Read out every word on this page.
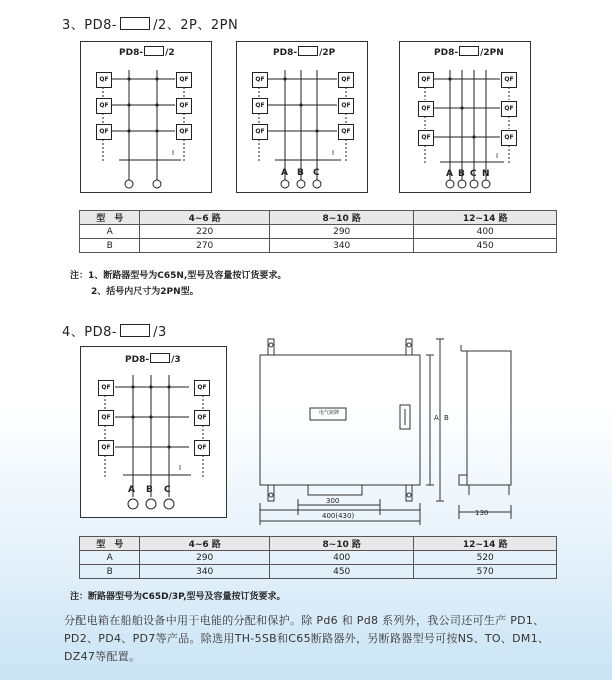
3、PD8-	/2、2P、2PN
PD8- /2
QF	QF
QF	QF
QF	QF
I
PD8- /2P
QF	QF
QF	QF
QF	QF
I
A B C
PD8- /2PN
QF	QF
QF	QF
QF	QF
I
A B C N
型　号	4~6 路	8~10 路	12~14 路
A	220	290	400
B	270	340	450
注：1、断路器型号为C65N,型号及容量按订货要求。
2、括号内尺寸为2PN型。
4、PD8-	/3
PD8- /3
QF	QF
QF	QF
QF	QF
I
A B C
电气铭牌
300
400(430)
A B
130
型　号	4~6 路	8~10 路	12~14 路
A	290	400	520
B	340	450	570
注：断路器型号为C65D/3P,型号及容量按订货要求。
分配电箱在船舶设备中用于电能的分配和保护。除 Pd6 和 Pd8 系列外，我公司还可生产 PD1、PD2、PD4、PD7等产品。除选用TH-5SB和C65断路器外，另断路器型号可按NS、TO、DM1、DZ47等配置。
